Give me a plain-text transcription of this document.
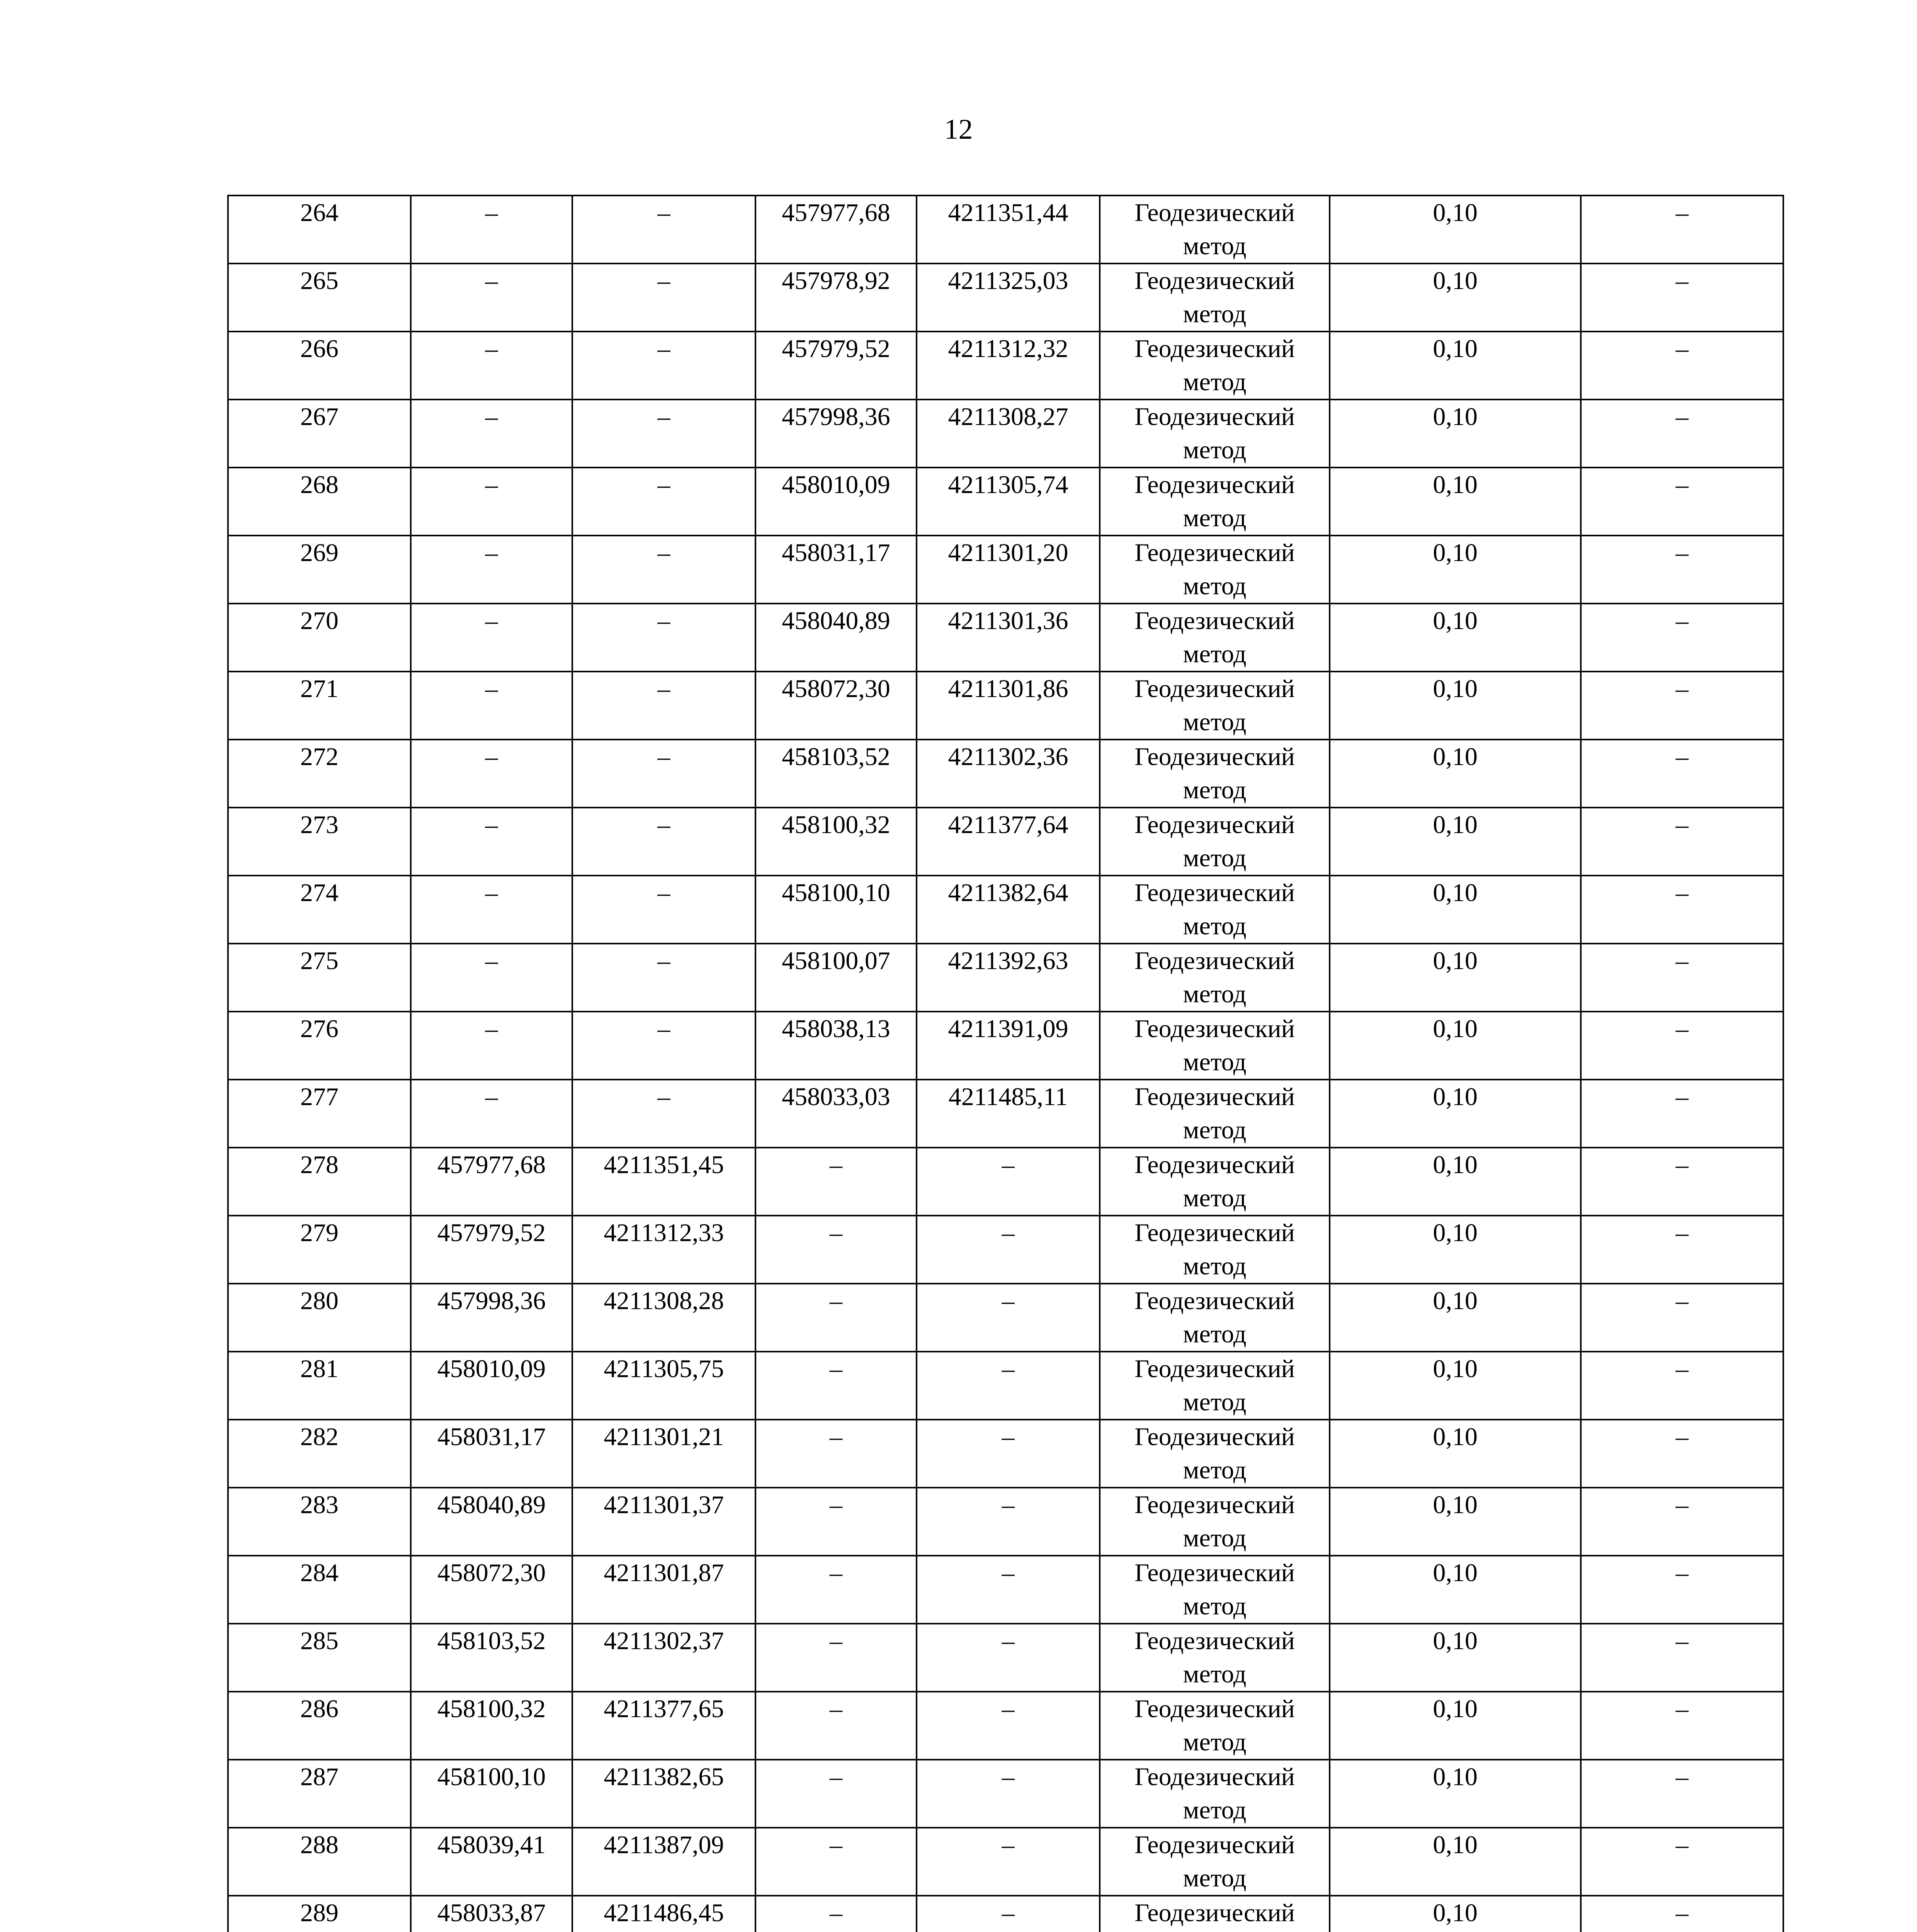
12
264	–	–	457977,68	4211351,44	Геодезический метод	0,10	–

265	–	–	457978,92	4211325,03	Геодезический метод	0,10	–

266	–	–	457979,52	4211312,32	Геодезический метод	0,10	–

267	–	–	457998,36	4211308,27	Геодезический метод	0,10	–

268	–	–	458010,09	4211305,74	Геодезический метод	0,10	–

269	–	–	458031,17	4211301,20	Геодезический метод	0,10	–

270	–	–	458040,89	4211301,36	Геодезический метод	0,10	–

271	–	–	458072,30	4211301,86	Геодезический метод	0,10	–

272	–	–	458103,52	4211302,36	Геодезический метод	0,10	–

273	–	–	458100,32	4211377,64	Геодезический метод	0,10	–

274	–	–	458100,10	4211382,64	Геодезический метод	0,10	–

275	–	–	458100,07	4211392,63	Геодезический метод	0,10	–

276	–	–	458038,13	4211391,09	Геодезический метод	0,10	–

277	–	–	458033,03	4211485,11	Геодезический метод	0,10	–

278	457977,68	4211351,45	–	–	Геодезический метод	0,10	–

279	457979,52	4211312,33	–	–	Геодезический метод	0,10	–

280	457998,36	4211308,28	–	–	Геодезический метод	0,10	–

281	458010,09	4211305,75	–	–	Геодезический метод	0,10	–

282	458031,17	4211301,21	–	–	Геодезический метод	0,10	–

283	458040,89	4211301,37	–	–	Геодезический метод	0,10	–

284	458072,30	4211301,87	–	–	Геодезический метод	0,10	–

285	458103,52	4211302,37	–	–	Геодезический метод	0,10	–

286	458100,32	4211377,65	–	–	Геодезический метод	0,10	–

287	458100,10	4211382,65	–	–	Геодезический метод	0,10	–

288	458039,41	4211387,09	–	–	Геодезический метод	0,10	–

289	458033,87	4211486,45	–	–	Геодезический	0,10	–
